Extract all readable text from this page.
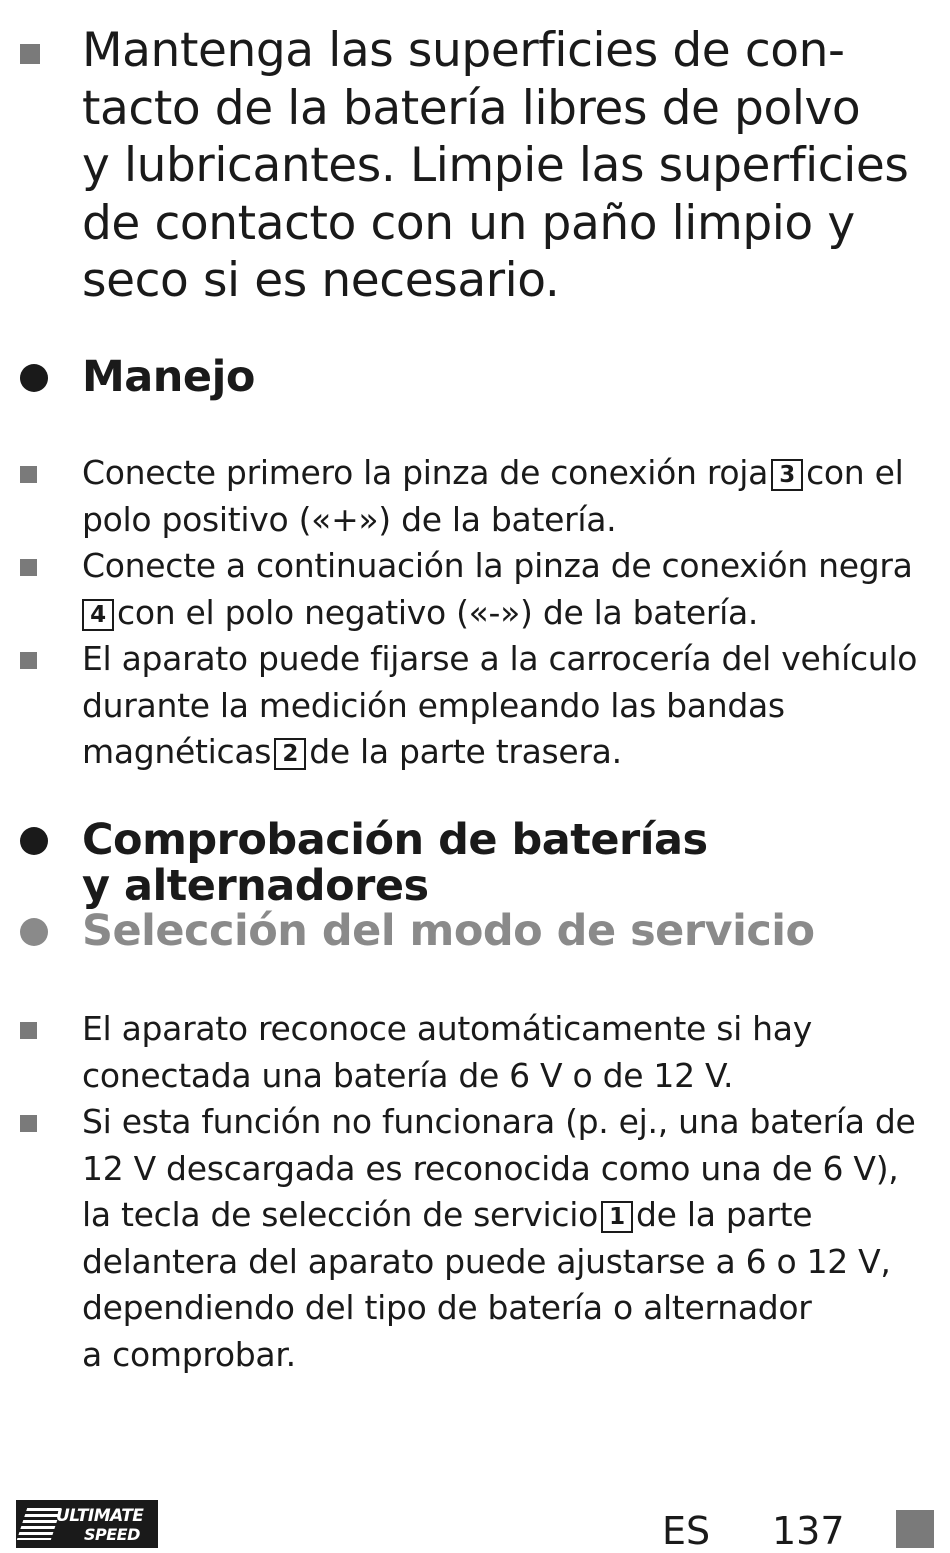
Mantenga las superficies de con-
tacto de la batería libres de polvo
y lubricantes. Limpie las superficies
de contacto con un paño limpio y
seco si es necesario.
Manejo
Conecte primero la pinza de conexión roja 3 con el
polo positivo («+») de la batería.
Conecte a continuación la pinza de conexión negra
4 con el polo negativo («-») de la batería.
El aparato puede fijarse a la carrocería del vehículo
durante la medición empleando las bandas
magnéticas 2 de la parte trasera.
Comprobación de baterías
y alternadores
Selección del modo de servicio
El aparato reconoce automáticamente si hay
conectada una batería de 6 V o de 12 V.
Si esta función no funcionara (p. ej., una batería de
12 V descargada es reconocida como una de 6 V),
la tecla de selección de servicio 1 de la parte
delantera del aparato puede ajustarse a 6 o 12 V,
dependiendo del tipo de batería o alternador
a comprobar.
ULTIMATE
SPEED	ES 137
